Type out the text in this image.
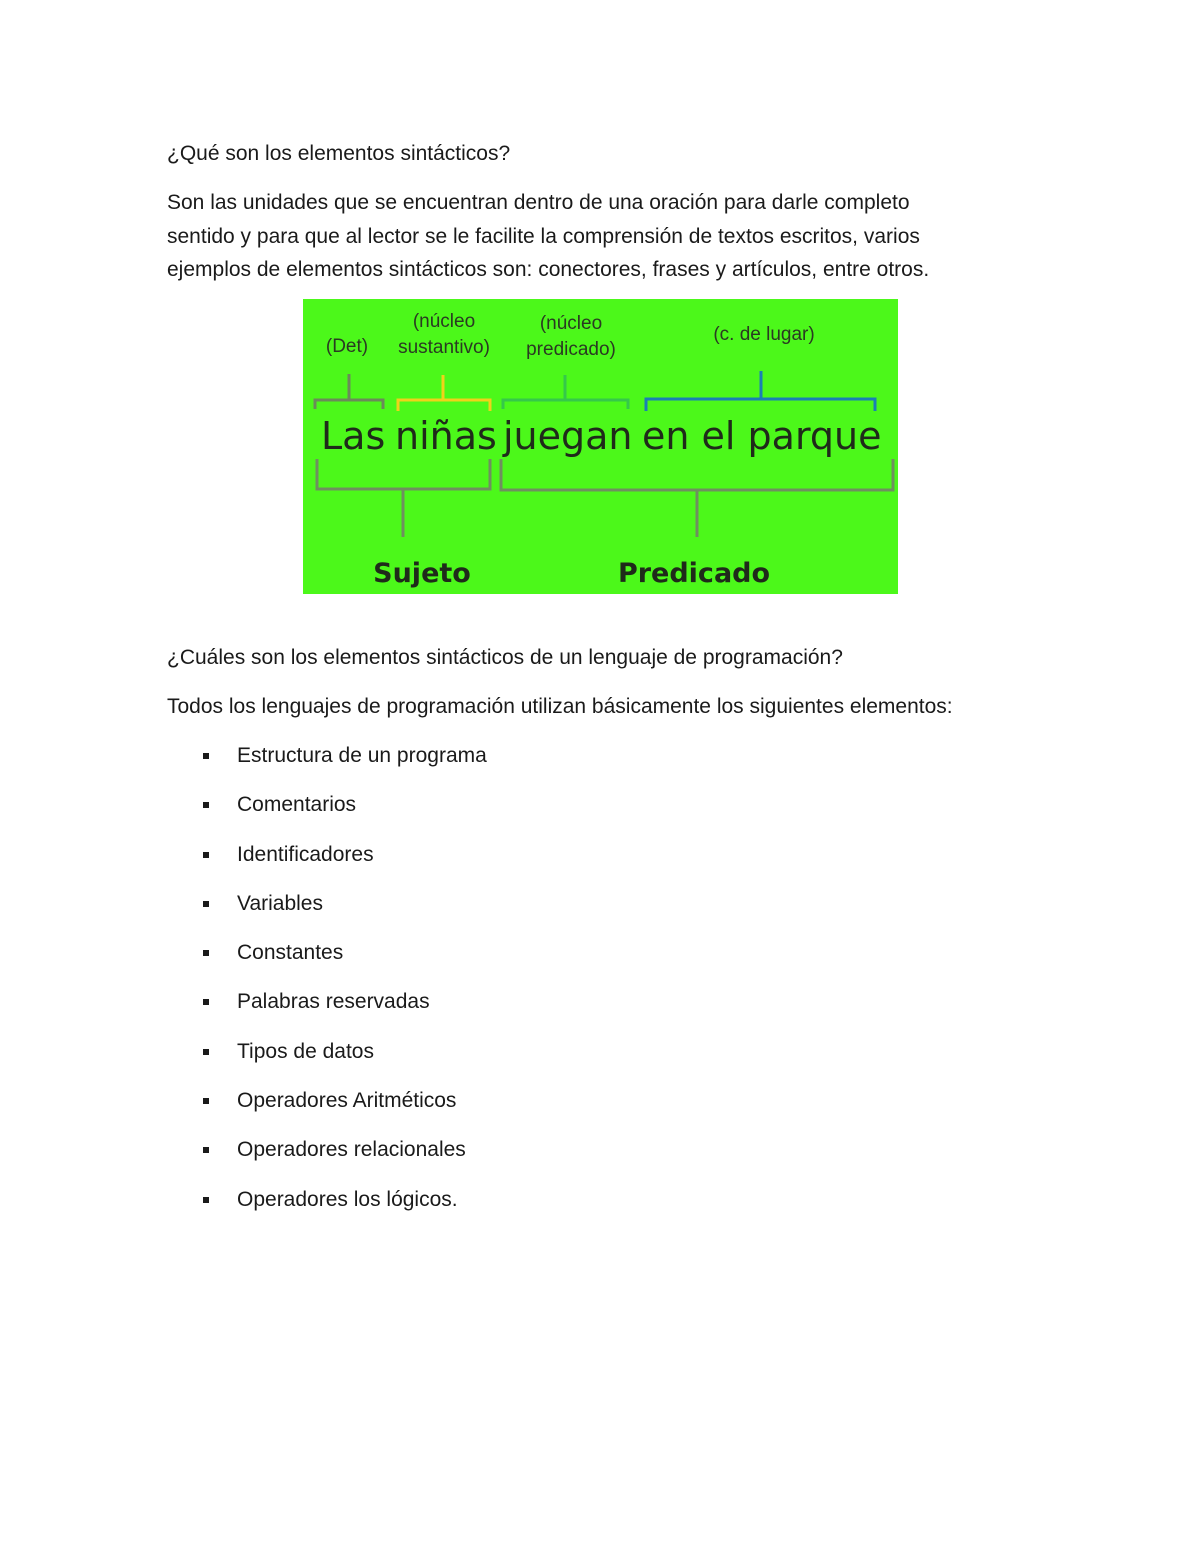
¿Qué son los elementos sintácticos?

Son las unidades que se encuentran dentro de una oración para darle completo
sentido y para que al lector se le facilite la comprensión de textos escritos, varios
ejemplos de elementos sintácticos son: conectores, frases y artículos, entre otros.

(Det)
(núcleo
sustantivo)
(núcleo
predicado)
(c. de lugar)
Las niñas juegan en el parque
Sujeto	Predicado

¿Cuáles son los elementos sintácticos de un lenguaje de programación?

Todos los lenguajes de programación utilizan básicamente los siguientes elementos:

Estructura de un programa
Comentarios
Identificadores
Variables
Constantes
Palabras reservadas
Tipos de datos
Operadores Aritméticos
Operadores relacionales
Operadores los lógicos.
